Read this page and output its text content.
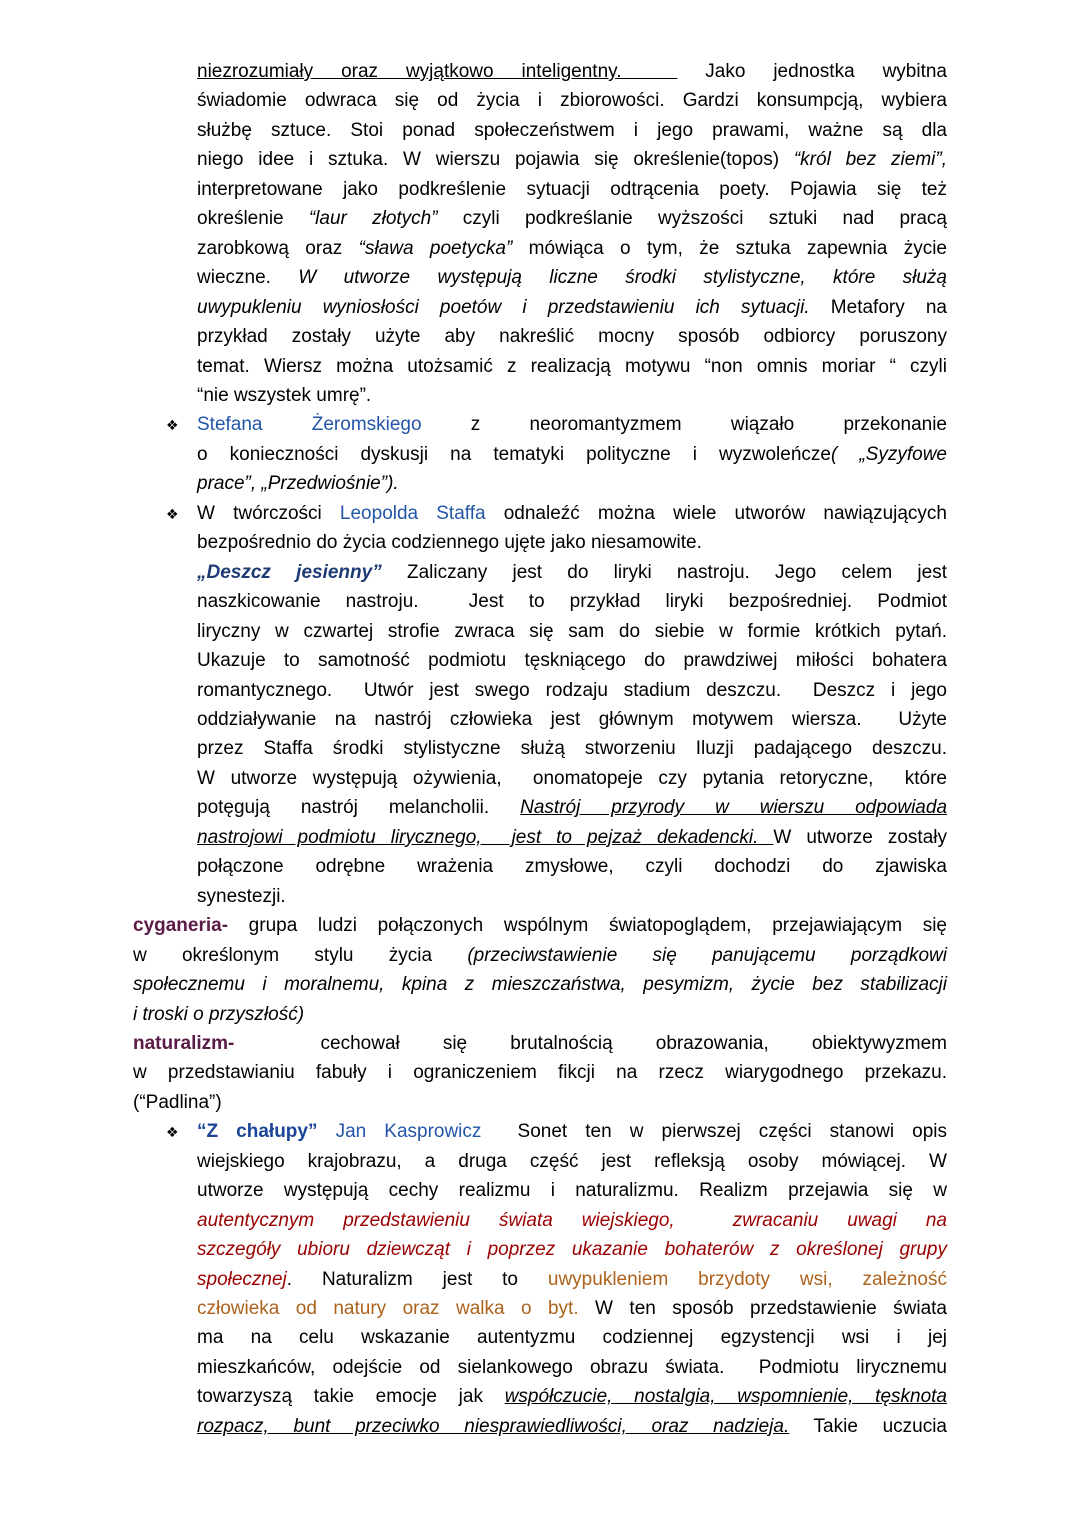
niezrozumiały oraz wyjątkowo inteligentny.   Jako jednostka wybitna
świadomie odwraca się od życia i zbiorowości. Gardzi konsumpcją, wybiera
służbę sztuce. Stoi ponad społeczeństwem i jego prawami, ważne są dla
niego idee i sztuka. W wierszu pojawia się określenie(topos) “król bez ziemi”,
interpretowane jako podkreślenie sytuacji odtrącenia poety. Pojawia się też
określenie “laur złotych” czyli podkreślanie wyższości sztuki nad pracą
zarobkową oraz “sława poetycka” mówiąca o tym, że sztuka zapewnia życie
wieczne. W utworze występują liczne środki stylistyczne, które służą
uwypukleniu wyniosłości poetów i przedstawieniu ich sytuacji. Metafory na
przykład zostały użyte aby nakreślić mocny sposób odbiorcy poruszony
temat. Wiersz można utożsamić z realizacją motywu “non omnis moriar “ czyli
“nie wszystek umrę”.
❖ Stefana Żeromskiego z neoromantyzmem wiązało przekonanie
o konieczności dyskusji na tematyki polityczne i wyzwoleńcze( „Syzyfowe
prace”, „Przedwiośnie”).
❖ W twórczości Leopolda Staffa odnaleźć można wiele utworów nawiązujących
bezpośrednio do życia codziennego ujęte jako niesamowite.
„Deszcz jesienny” Zaliczany jest do liryki nastroju. Jego celem jest
naszkicowanie nastroju.  Jest to przykład liryki bezpośredniej. Podmiot
liryczny w czwartej strofie zwraca się sam do siebie w formie krótkich pytań.
Ukazuje to samotność podmiotu tęskniącego do prawdziwej miłości bohatera
romantycznego.  Utwór jest swego rodzaju stadium deszczu.  Deszcz i jego
oddziaływanie na nastrój człowieka jest głównym motywem wiersza.  Użyte
przez Staffa środki stylistyczne służą stworzeniu Iluzji padającego deszczu.
W utworze występują ożywienia,  onomatopeje czy pytania retoryczne,  które
potęgują nastrój melancholii. Nastrój przyrody w wierszu odpowiada
nastrojowi podmiotu lirycznego,  jest to pejzaż dekadencki. W utworze zostały
połączone odrębne wrażenia zmysłowe, czyli dochodzi do zjawiska
synestezji.
cyganeria- grupa ludzi połączonych wspólnym światopoglądem, przejawiającym się
w określonym stylu życia (przeciwstawienie się panującemu porządkowi
społecznemu i moralnemu, kpina z mieszczaństwa, pesymizm, życie bez stabilizacji
i troski o przyszłość)
naturalizm-  cechował się brutalnością obrazowania, obiektywyzmem
w przedstawianiu fabuły i ograniczeniem fikcji na rzecz wiarygodnego przekazu.
(“Padlina”)
❖ “Z chałupy” Jan Kasprowicz  Sonet ten w pierwszej części stanowi opis
wiejskiego krajobrazu, a druga część jest refleksją osoby mówiącej. W
utworze występują cechy realizmu i naturalizmu. Realizm przejawia się w
autentycznym przedstawieniu świata wiejskiego,  zwracaniu uwagi na
szczegóły ubioru dziewcząt i poprzez ukazanie bohaterów z określonej grupy
społecznej. Naturalizm jest to uwypukleniem brzydoty wsi, zależność
człowieka od natury oraz walka o byt. W ten sposób przedstawienie świata
ma na celu wskazanie autentyzmu codziennej egzystencji wsi i jej
mieszkańców, odejście od sielankowego obrazu świata.  Podmiotu lirycznemu
towarzyszą takie emocje jak współczucie, nostalgia, wspomnienie, tęsknota
rozpacz, bunt przeciwko niesprawiedliwości, oraz nadzieja. Takie uczucia
